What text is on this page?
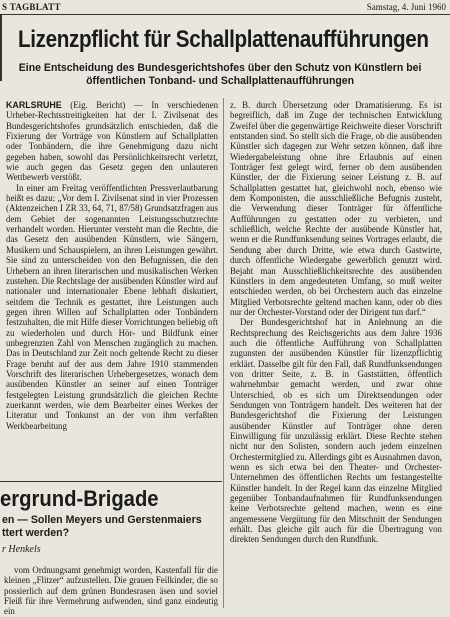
S TAGBLATT	Samstag, 4. Juni 1960
Lizenzpflicht für Schallplattenaufführungen
Eine Entscheidung des Bundesgerichtshofes über den Schutz von Künstlern bei
öffentlichen Tonband- und Schallplattenaufführungen

KARLSRUHE (Eig. Bericht) — In verschiedenen Urheber-Rechtsstreitigkeiten hat der I. Zivilsenat des Bundesgerichtshofes grundsätzlich entschieden, daß die Fixierung der Vorträge von Künstlern auf Schallplatten oder Tonbändern, die ihre Genehmigung dazu nicht gegeben haben, sowohl das Persönlichkeitsrecht verletzt, wie auch gegen das Gesetz gegen den unlauteren Wettbewerb verstößt.

In einer am Freitag veröffentlichten Pressverlautbarung heißt es dazu: „Vor dem I. Zivilsenat sind in vier Prozessen (Aktenzeichen I ZR 33, 64, 71, 87/58) Grundsatzfragen aus dem Gebiet der sogenannten Leistungsschutzrechte verhandelt worden. Hierunter versteht man die Rechte, die das Gesetz den ausübenden Künstlern, wie Sängern, Musikern und Schauspielern, an ihren Leistungen gewährt. Sie sind zu unterscheiden von den Befugnissen, die den Urhebern an ihren literarischen und musikalischen Werken zustehen. Die Rechtslage der ausübenden Künstler wird auf nationaler und internationaler Ebene lebhaft diskutiert, seitdem die Technik es gestattet, ihre Leistungen auch gegen ihren Willen auf Schallplatten oder Tonbändern festzuhalten, die mit Hilfe dieser Vorrichtungen beliebig oft zu wiederholen und durch Hör- und Bildfunk einer unbegrenzten Zahl von Menschen zugänglich zu machen. Das in Deutschland zur Zeit noch geltende Recht zu dieser Frage beruht auf der aus dem Jahre 1910 stammenden Vorschrift des literarischen Urhebergesetzes, wonach dem ausübenden Künstler an seiner auf einen Tonträger festgelegten Leistung grundsätzlich die gleichen Rechte zuerkannt werden, wie dem Bearbeiter eines Werkes der Literatur und Tonkunst an der von ihm verfaßten Werkbearbeitung

z. B. durch Übersetzung oder Dramatisierung. Es ist begreiflich, daß im Zuge der technischen Entwicklung Zweifel über die gegenwärtige Reichweite dieser Vorschrift entstanden sind. So stellt sich die Frage, ob die ausübenden Künstler sich dagegen zur Wehr setzen können, daß ihre Wiedergabeleistung ohne ihre Erlaubnis auf einen Tonträger fest gelegt wird, ferner ob dem ausübenden Künstler, der die Fixierung seiner Leistung z. B. auf Schallplatten gestattet hat, gleichwohl noch, ebenso wie dem Komponisten, die ausschließliche Befugnis zusteht, die Verwendung dieser Tonträger für öffentliche Aufführungen zu gestatten oder zu verbieten, und schließlich, welche Rechte der ausübende Künstler hat, wenn er die Rundfunksendung seines Vortrages erlaubt, die Sendung aber durch Dritte, wie etwa durch Gastwirte, durch öffentliche Wiedergabe gewerblich genutzt wird. Bejaht man Ausschließlichkeitsrechte des ausübenden Künstlers in dem angedeuteten Umfang, so muß weiter entschieden werden, ob bei Orchestern auch das einzelne Mitglied Verbotsrechte geltend machen kann, oder ob dies nur der Orchester-Vorstand oder der Dirigent tun darf.“

Der Bundesgerichtshof hat in Anlehnung an die Rechtsprechung des Reichsgerichts aus dem Jahre 1936 auch die öffentliche Aufführung von Schallplatten zugunsten der ausübenden Künstler für lizenzpflichtig erklärt. Dasselbe gilt für den Fall, daß Rundfunksendungen von dritter Seite, z. B. in Gaststätten, öffentlich wahrnehmbar gemacht werden, und zwar ohne Unterschied, ob es sich um Direktsendungen oder Sendungen von Tonträgern handelt. Des weiteren hat der Bundesgerichtshof die Fixierung der Leistungen ausübender Künstler auf Tonträger ohne deren Einwilligung für unzulässig erklärt. Diese Rechte stehen nicht nur den Solisten, sondern auch jedem einzelnen Orchestermitglied zu. Allerdings gibt es Ausnahmen davon, wenn es sich etwa bei den Theater- und Orchester-Unternehmen des öffentlichen Rechts um festangestellte Künstler handelt. In der Regel kann das einzelne Mitglied gegenüber Tonbandaufnahmen für Rundfunksendungen keine Verbotsrechte geltend machen, wenn es eine angemessene Vergütung für den Mitschnitt der Sendungen erhält. Das gleiche gilt auch für die Übertragung von direkten Sendungen durch den Rundfunk.

ergrund-Brigade
en — Sollen Meyers und Gerstenmaiers
ttert werden?
r Henkels

vom Ordnungsamt genehmigt worden, Kastenfall für die kleinen „Flitzer“ aufzustellen. Die grauen Feilkinder, die so possierlich auf dem grünen Bundesrasen äsen und soviel Fleiß für ihre Vermehrung aufwenden, sind ganz eindeutig ein
